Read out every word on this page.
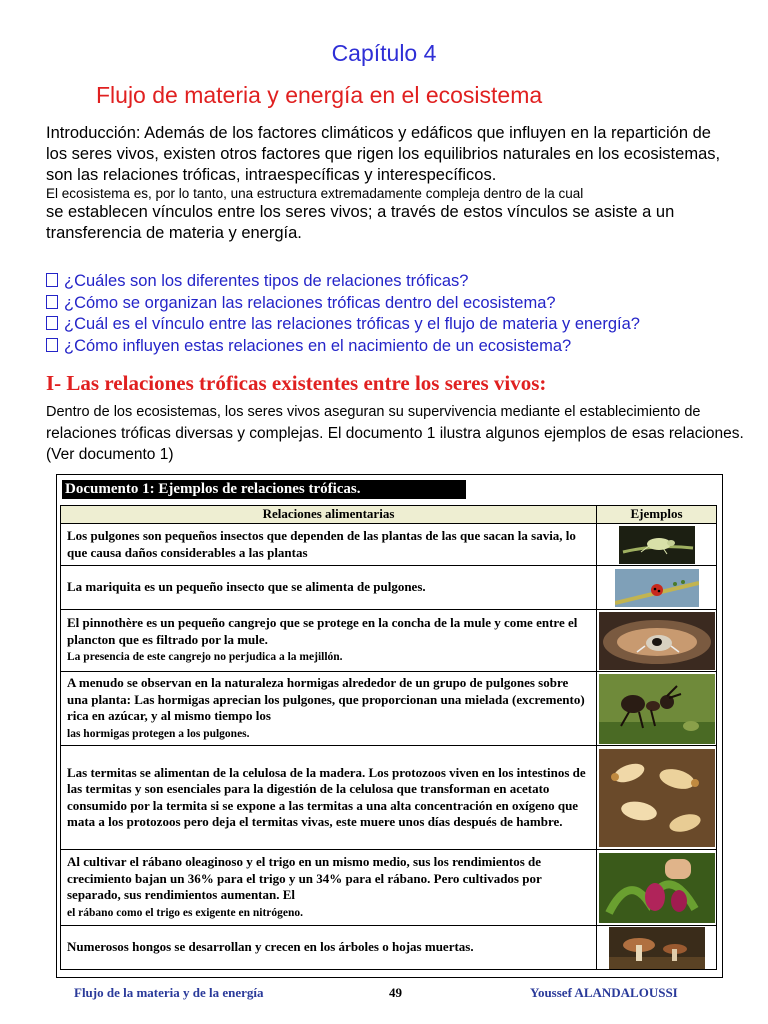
Capítulo 4
Flujo de materia y energía en el ecosistema
Introducción: Además de los factores climáticos y edáficos que influyen en la repartición de los seres vivos, existen otros factores que rigen los equilibrios naturales en los ecosistemas, son las relaciones tróficas, intraespecíficas y interespecíficos.
El ecosistema es, por lo tanto, una estructura extremadamente compleja dentro de la cual
se establecen vínculos entre los seres vivos; a través de estos vínculos se asiste a un transferencia de materia y energía.
¿Cuáles son los diferentes tipos de relaciones tróficas?
¿Cómo se organizan las relaciones tróficas dentro del ecosistema?
¿Cuál es el vínculo entre las relaciones tróficas y el flujo de materia y energía?
¿Cómo influyen estas relaciones en el nacimiento de un ecosistema?
I- Las relaciones tróficas existentes entre los seres vivos:
Dentro de los ecosistemas, los seres vivos aseguran su supervivencia mediante el establecimiento de
relaciones tróficas diversas y complejas. El documento 1 ilustra algunos ejemplos de esas relaciones. (Ver documento 1)
Documento 1: Ejemplos de relaciones tróficas.
Relaciones alimentarias	Ejemplos
Los pulgones son pequeños insectos que dependen de las plantas de las que sacan la savia, lo que causa daños considerables a las plantas	

La mariquita es un pequeño insecto que se alimenta de pulgones.	

El pinnothère es un pequeño cangrejo que se protege en la concha de la mule y come entre el plancton que es filtrado por la mule.
La presencia de este cangrejo no perjudica a la mejillón.	

A menudo se observan en la naturaleza hormigas alrededor de un grupo de pulgones sobre una planta: Las hormigas aprecian los pulgones, que proporcionan una mielada (excremento) rica en azúcar, y al mismo tiempo los
las hormigas protegen a los pulgones.	

Las termitas se alimentan de la celulosa de la madera. Los protozoos viven en los intestinos de las termitas y son esenciales para la digestión de la celulosa que transforman en acetato consumido por la termita si se expone a las termitas a una alta concentración en oxígeno que mata a los protozoos pero deja el termitas vivas, este muere unos días después de hambre.	

Al cultivar el rábano oleaginoso y el trigo en un mismo medio, sus los rendimientos de crecimiento bajan un 36% para el trigo y un 34% para el rábano. Pero cultivados por separado, sus rendimientos aumentan. El
el rábano como el trigo es exigente en nitrógeno.	

Numerosos hongos se desarrollan y crecen en los árboles o hojas muertas.	
Flujo de la materia y de la energía	49	Youssef ALANDALOUSSI
